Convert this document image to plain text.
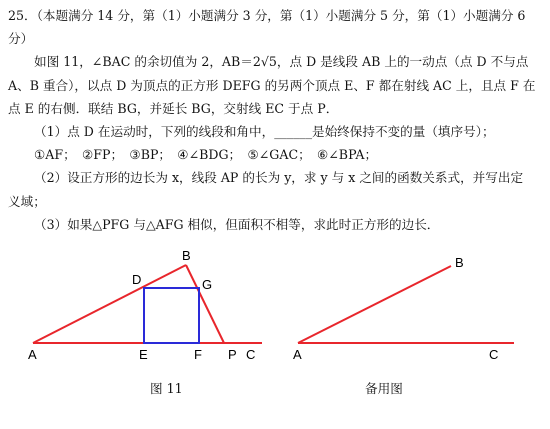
25．（本题满分 14 分，第（1）小题满分 3 分，第（1）小题满分 5 分，第（1）小题满分 6

分）

如图 11，∠BAC 的余切值为 2，AB＝2√5，点 D 是线段 AB 上的一动点（点 D 不与点

A、B 重合），以点 D 为顶点的正方形 DEFG 的另两个顶点 E、F 都在射线 AC 上，且点 F 在

点 E 的右侧．联结 BG，并延长 BG，交射线 EC 于点 P．

（1）点 D 在运动时，下列的线段和角中，______是始终保持不变的量（填序号）；

①AF；　②FP；　③BP；　④∠BDG；　⑤∠GAC；　⑥∠BPA；

（2）设正方形的边长为 x，线段 AP 的长为 y，求 y 与 x 之间的函数关系式，并写出定

义域；

（3）如果△PFG 与△AFG 相似，但面积不相等，求此时正方形的边长．

A
B
D	G
E	F P C	A
B
C
图 11	备用图
